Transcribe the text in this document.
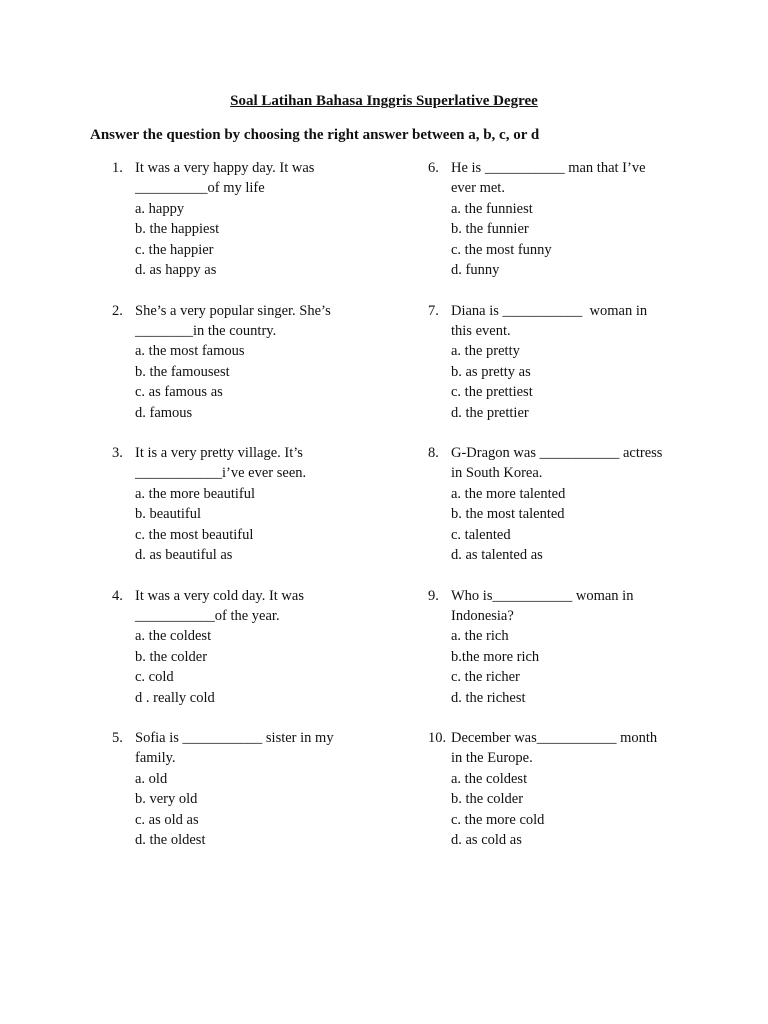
Soal Latihan Bahasa Inggris Superlative Degree
Answer the question by choosing the right answer between a, b, c, or d
1. It was a very happy day. It was
__________of my life
a. happy
b. the happiest
c. the happier
d. as happy as
2. She’s a very popular singer. She’s
________in the country.
a. the most famous
b. the famousest
c. as famous as
d. famous
3. It is a very pretty village. It’s
____________i’ve ever seen.
a. the more beautiful
b. beautiful
c. the most beautiful
d. as beautiful as
4. It was a very cold day. It was
___________of the year.
a. the coldest
b. the colder
c. cold
d . really cold
5. Sofia is ___________ sister in my
family.
a. old
b. very old
c. as old as
d. the oldest
6. He is ___________ man that I’ve
ever met.
a. the funniest
b. the funnier
c. the most funny
d. funny
7. Diana is ___________  woman in
this event.
a. the pretty
b. as pretty as
c. the prettiest
d. the prettier
8. G-Dragon was ___________ actress
in South Korea.
a. the more talented
b. the most talented
c. talented
d. as talented as
9. Who is___________ woman in
Indonesia?
a. the rich
b.the more rich
c. the richer
d. the richest
10. December was___________ month
in the Europe.
a. the coldest
b. the colder
c. the more cold
d. as cold as
